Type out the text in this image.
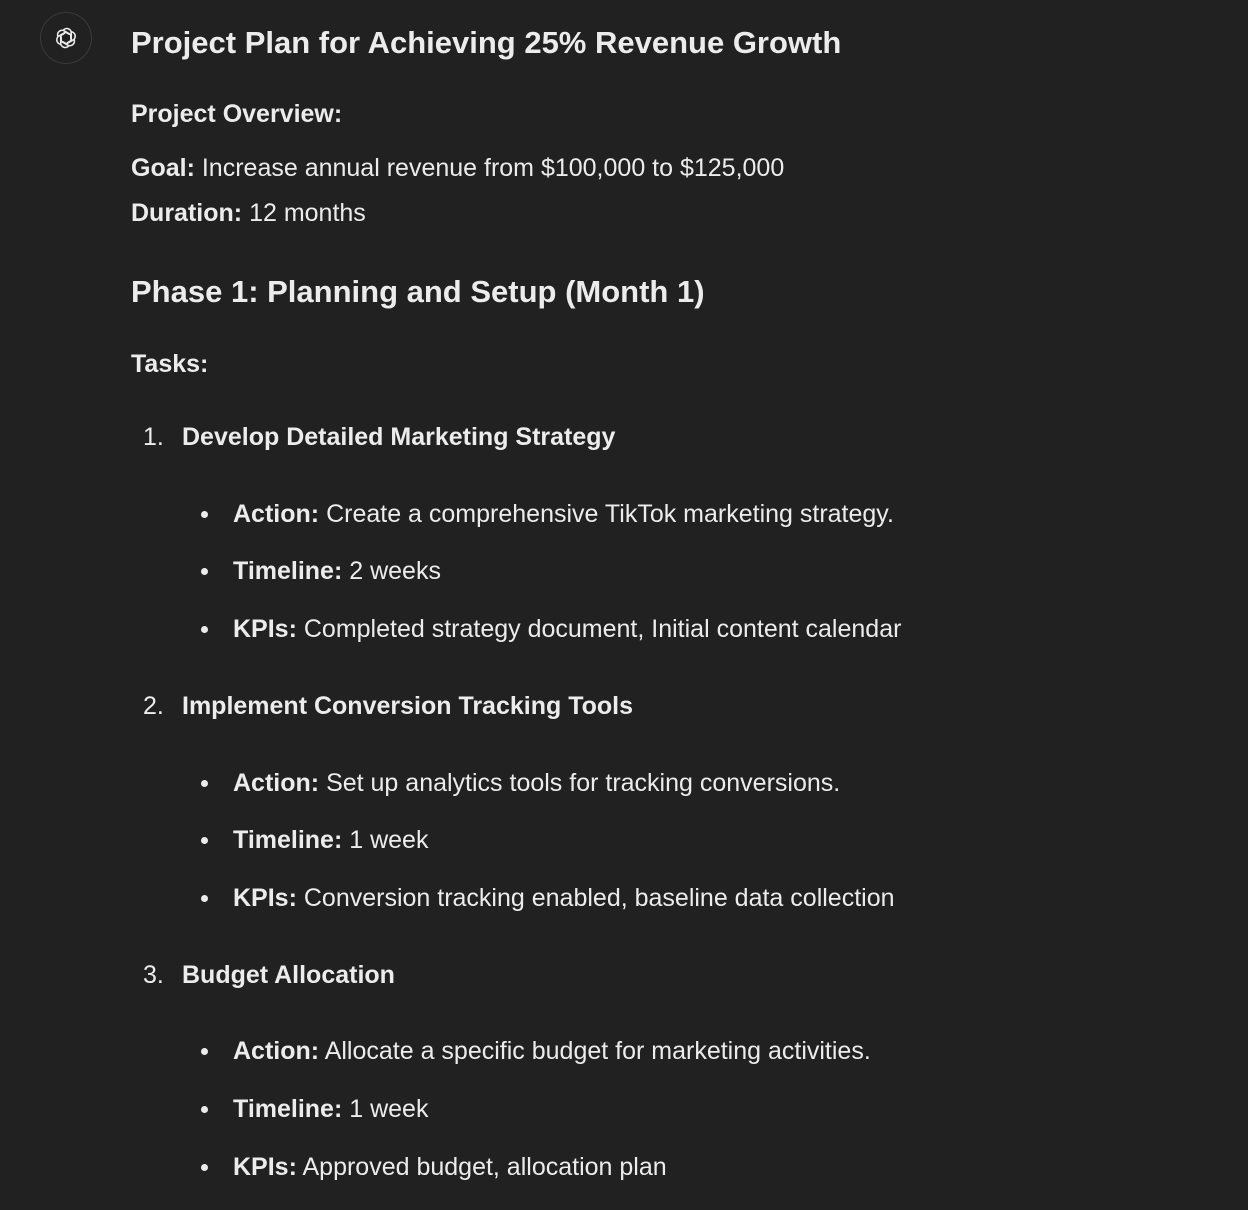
Project Plan for Achieving 25% Revenue Growth

Project Overview:

Goal: Increase annual revenue from $100,000 to $125,000

Duration: 12 months

Phase 1: Planning and Setup (Month 1)

Tasks:

1. Develop Detailed Marketing Strategy
Action: Create a comprehensive TikTok marketing strategy.
Timeline: 2 weeks
KPIs: Completed strategy document, Initial content calendar
2. Implement Conversion Tracking Tools
Action: Set up analytics tools for tracking conversions.
Timeline: 1 week
KPIs: Conversion tracking enabled, baseline data collection
3. Budget Allocation
Action: Allocate a specific budget for marketing activities.
Timeline: 1 week
KPIs: Approved budget, allocation plan
